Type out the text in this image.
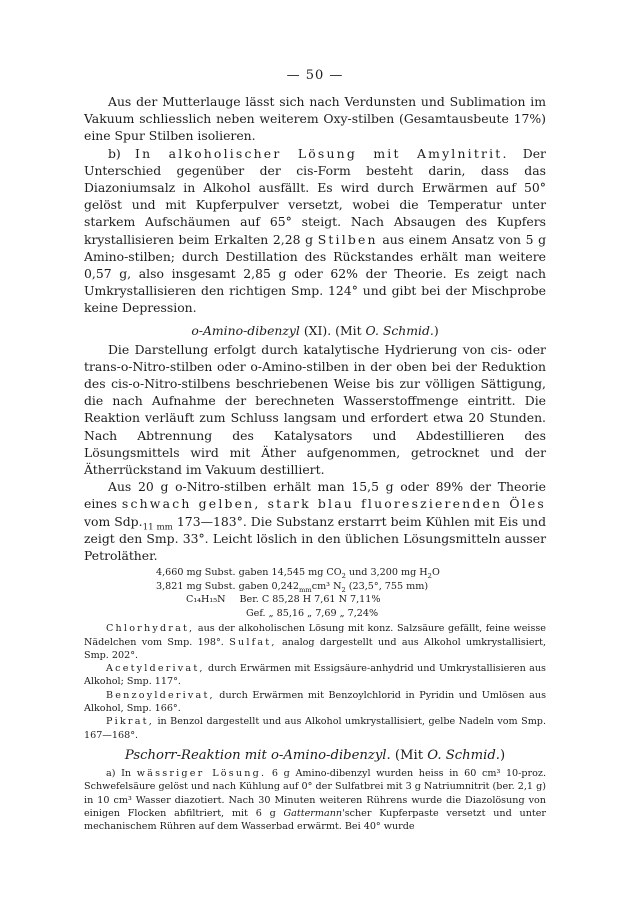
— 50 —

Aus der Mutterlauge lässt sich nach Verdunsten und Sublimation im Vakuum schliesslich neben weiterem Oxy-stilben (Gesamtausbeute 17%) eine Spur Stilben isolieren.

b) In alkoholischer Lösung mit Amylnitrit. Der Unterschied gegenüber der cis-Form besteht darin, dass das Diazoniumsalz in Alkohol ausfällt. Es wird durch Erwärmen auf 50° gelöst und mit Kupferpulver versetzt, wobei die Temperatur unter starkem Aufschäumen auf 65° steigt. Nach Absaugen des Kupfers krystallisieren beim Erkalten 2,28 g Stilben aus einem Ansatz von 5 g Amino-stilben; durch Destillation des Rückstandes erhält man weitere 0,57 g, also insgesamt 2,85 g oder 62% der Theorie. Es zeigt nach Umkrystallisieren den richtigen Smp. 124° und gibt bei der Mischprobe keine Depression.

o-Amino-dibenzyl (XI). (Mit O. Schmid.)

Die Darstellung erfolgt durch katalytische Hydrierung von cis- oder trans-o-Nitro-stilben oder o-Amino-stilben in der oben bei der Reduktion des cis-o-Nitro-stilbens beschriebenen Weise bis zur völligen Sättigung, die nach Aufnahme der berechneten Wasserstoffmenge eintritt. Die Reaktion verläuft zum Schluss langsam und erfordert etwa 20 Stunden. Nach Abtrennung des Katalysators und Abdestillieren des Lösungsmittels wird mit Äther aufgenommen, getrocknet und der Ätherrückstand im Vakuum destilliert.

Aus 20 g o-Nitro-stilben erhält man 15,5 g oder 89% der Theorie eines schwach gelben, stark blau fluoreszierenden Öles vom $Sdp._{11 mm}$ 173—183°. Die Substanz erstarrt beim Kühlen mit Eis und zeigt den Smp. 33°. Leicht löslich in den üblichen Lösungsmitteln ausser Petroläther.

4,660 mg Subst. gaben 14,545 mg $CO_2$ und 3,200 mg $H_2O$
3,821 mg Subst. gaben $0,242_{mm}cm^3$ $N_2$ (23,5°, 755 mm)
C₁₄H₁₅N Ber. C 85,28 H 7,61 N 7,11%
Gef. „ 85,16 „ 7,69 „ 7,24%

Chlorhydrat, aus der alkoholischen Lösung mit konz. Salzsäure gefällt, feine weisse Nädelchen vom Smp. 198°. Sulfat, analog dargestellt und aus Alkohol umkrystallisiert, Smp. 202°.

Acetylderivat, durch Erwärmen mit Essigsäure-anhydrid und Umkrystallisieren aus Alkohol; Smp. 117°.

Benzoylderivat, durch Erwärmen mit Benzoylchlorid in Pyridin und Umlösen aus Alkohol, Smp. 166°.

Pikrat, in Benzol dargestellt und aus Alkohol umkrystallisiert, gelbe Nadeln vom Smp. 167—168°.

Pschorr-Reaktion mit o-Amino-dibenzyl. (Mit O. Schmid.)

a) In wässriger Lösung. 6 g Amino-dibenzyl wurden heiss in 60 cm³ 10-proz. Schwefelsäure gelöst und nach Kühlung auf 0° der Sulfatbrei mit 3 g Natriumnitrit (ber. 2,1 g) in 10 cm³ Wasser diazotiert. Nach 30 Minuten weiteren Rührens wurde die Diazolösung von einigen Flocken abfiltriert, mit 6 g Gattermann'scher Kupferpaste versetzt und unter mechanischem Rühren auf dem Wasserbad erwärmt. Bei 40° wurde
